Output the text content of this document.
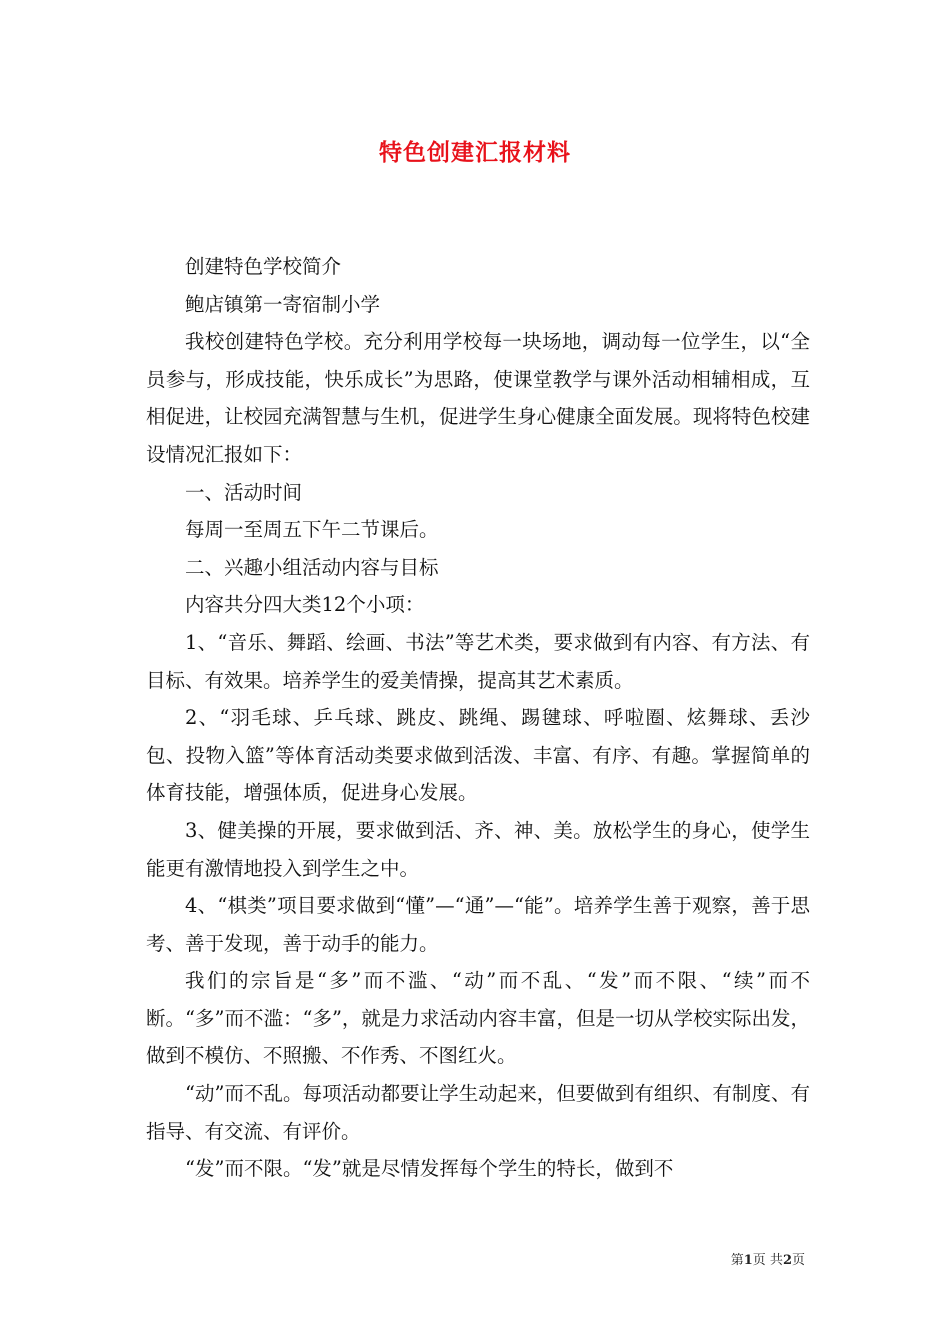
特色创建汇报材料

创建特色学校简介

鲍店镇第一寄宿制小学

我校创建特色学校。充分利用学校每一块场地，调动每一位学生，以“全员参与，形成技能，快乐成长”为思路，使课堂教学与课外活动相辅相成，互相促进，让校园充满智慧与生机，促进学生身心健康全面发展。现将特色校建设情况汇报如下：

一、活动时间

每周一至周五下午二节课后。

二、兴趣小组活动内容与目标

内容共分四大类12个小项：

1、“音乐、舞蹈、绘画、书法”等艺术类，要求做到有内容、有方法、有目标、有效果。培养学生的爱美情操，提高其艺术素质。

2、“羽毛球、乒乓球、跳皮、跳绳、踢毽球、呼啦圈、炫舞球、丢沙包、投物入篮”等体育活动类要求做到活泼、丰富、有序、有趣。掌握简单的体育技能，增强体质，促进身心发展。

3、健美操的开展，要求做到活、齐、神、美。放松学生的身心，使学生能更有激情地投入到学生之中。

4、“棋类”项目要求做到“懂”—“通”—“能”。培养学生善于观察，善于思考、善于发现，善于动手的能力。

我们的宗旨是“多”而不滥、“动”而不乱、“发”而不限、“续”而不断。“多”而不滥：“多”，就是力求活动内容丰富，但是一切从学校实际出发，做到不模仿、不照搬、不作秀、不图红火。

“动”而不乱。每项活动都要让学生动起来，但要做到有组织、有制度、有指导、有交流、有评价。

“发”而不限。“发”就是尽情发挥每个学生的特长，做到不

第1页 共2页
